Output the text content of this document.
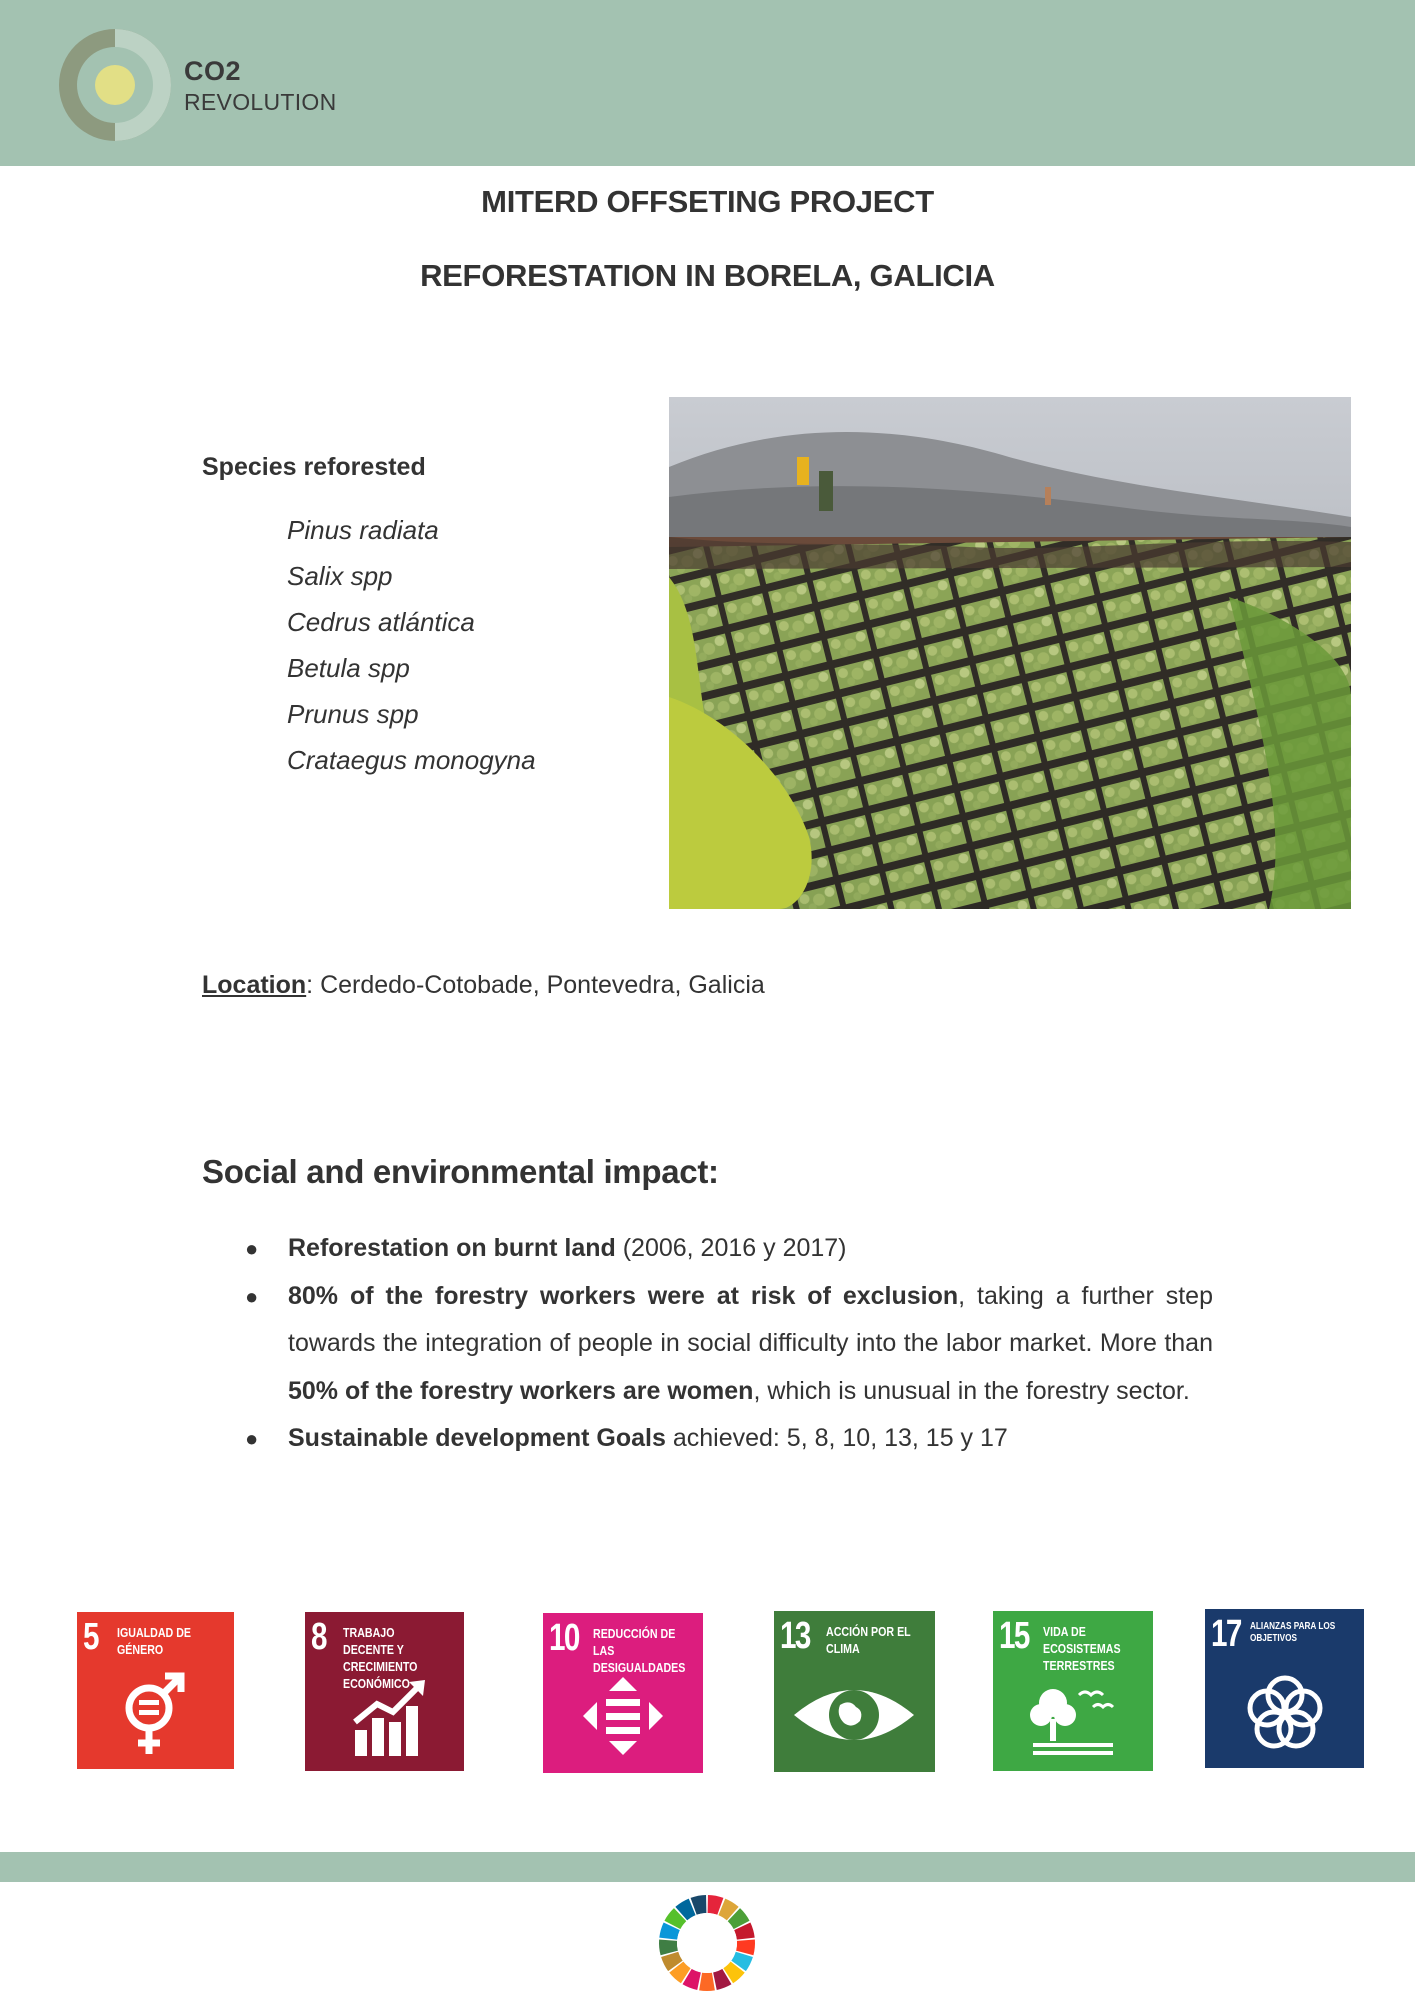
CO2
REVOLUTION
MITERD OFFSETING PROJECT
REFORESTATION IN BORELA, GALICIA
Species reforested
Pinus radiata
Salix spp
Cedrus atlántica
Betula spp
Prunus spp
Crataegus monogyna
Location: Cerdedo-Cotobade, Pontevedra, Galicia
Social and environmental impact:
● Reforestation on burnt land (2006, 2016 y 2017)
● 80% of the forestry workers were at risk of exclusion, taking a further step towards the integration of people in social difficulty into the labor market. More than 50% of the forestry workers are women, which is unusual in the forestry sector.
● Sustainable development Goals achieved: 5, 8, 10, 13, 15 y 17
5 IGUALDAD DE GÉNERO	8 TRABAJO DECENTE Y CRECIMIENTO ECONÓMICO
10 REDUCCIÓN DE LAS DESIGUALDADES
13 ACCIÓN POR EL CLIMA	15 VIDA DE ECOSISTEMAS TERRESTRES
17 ALIANZAS PARA LOS OBJETIVOS
